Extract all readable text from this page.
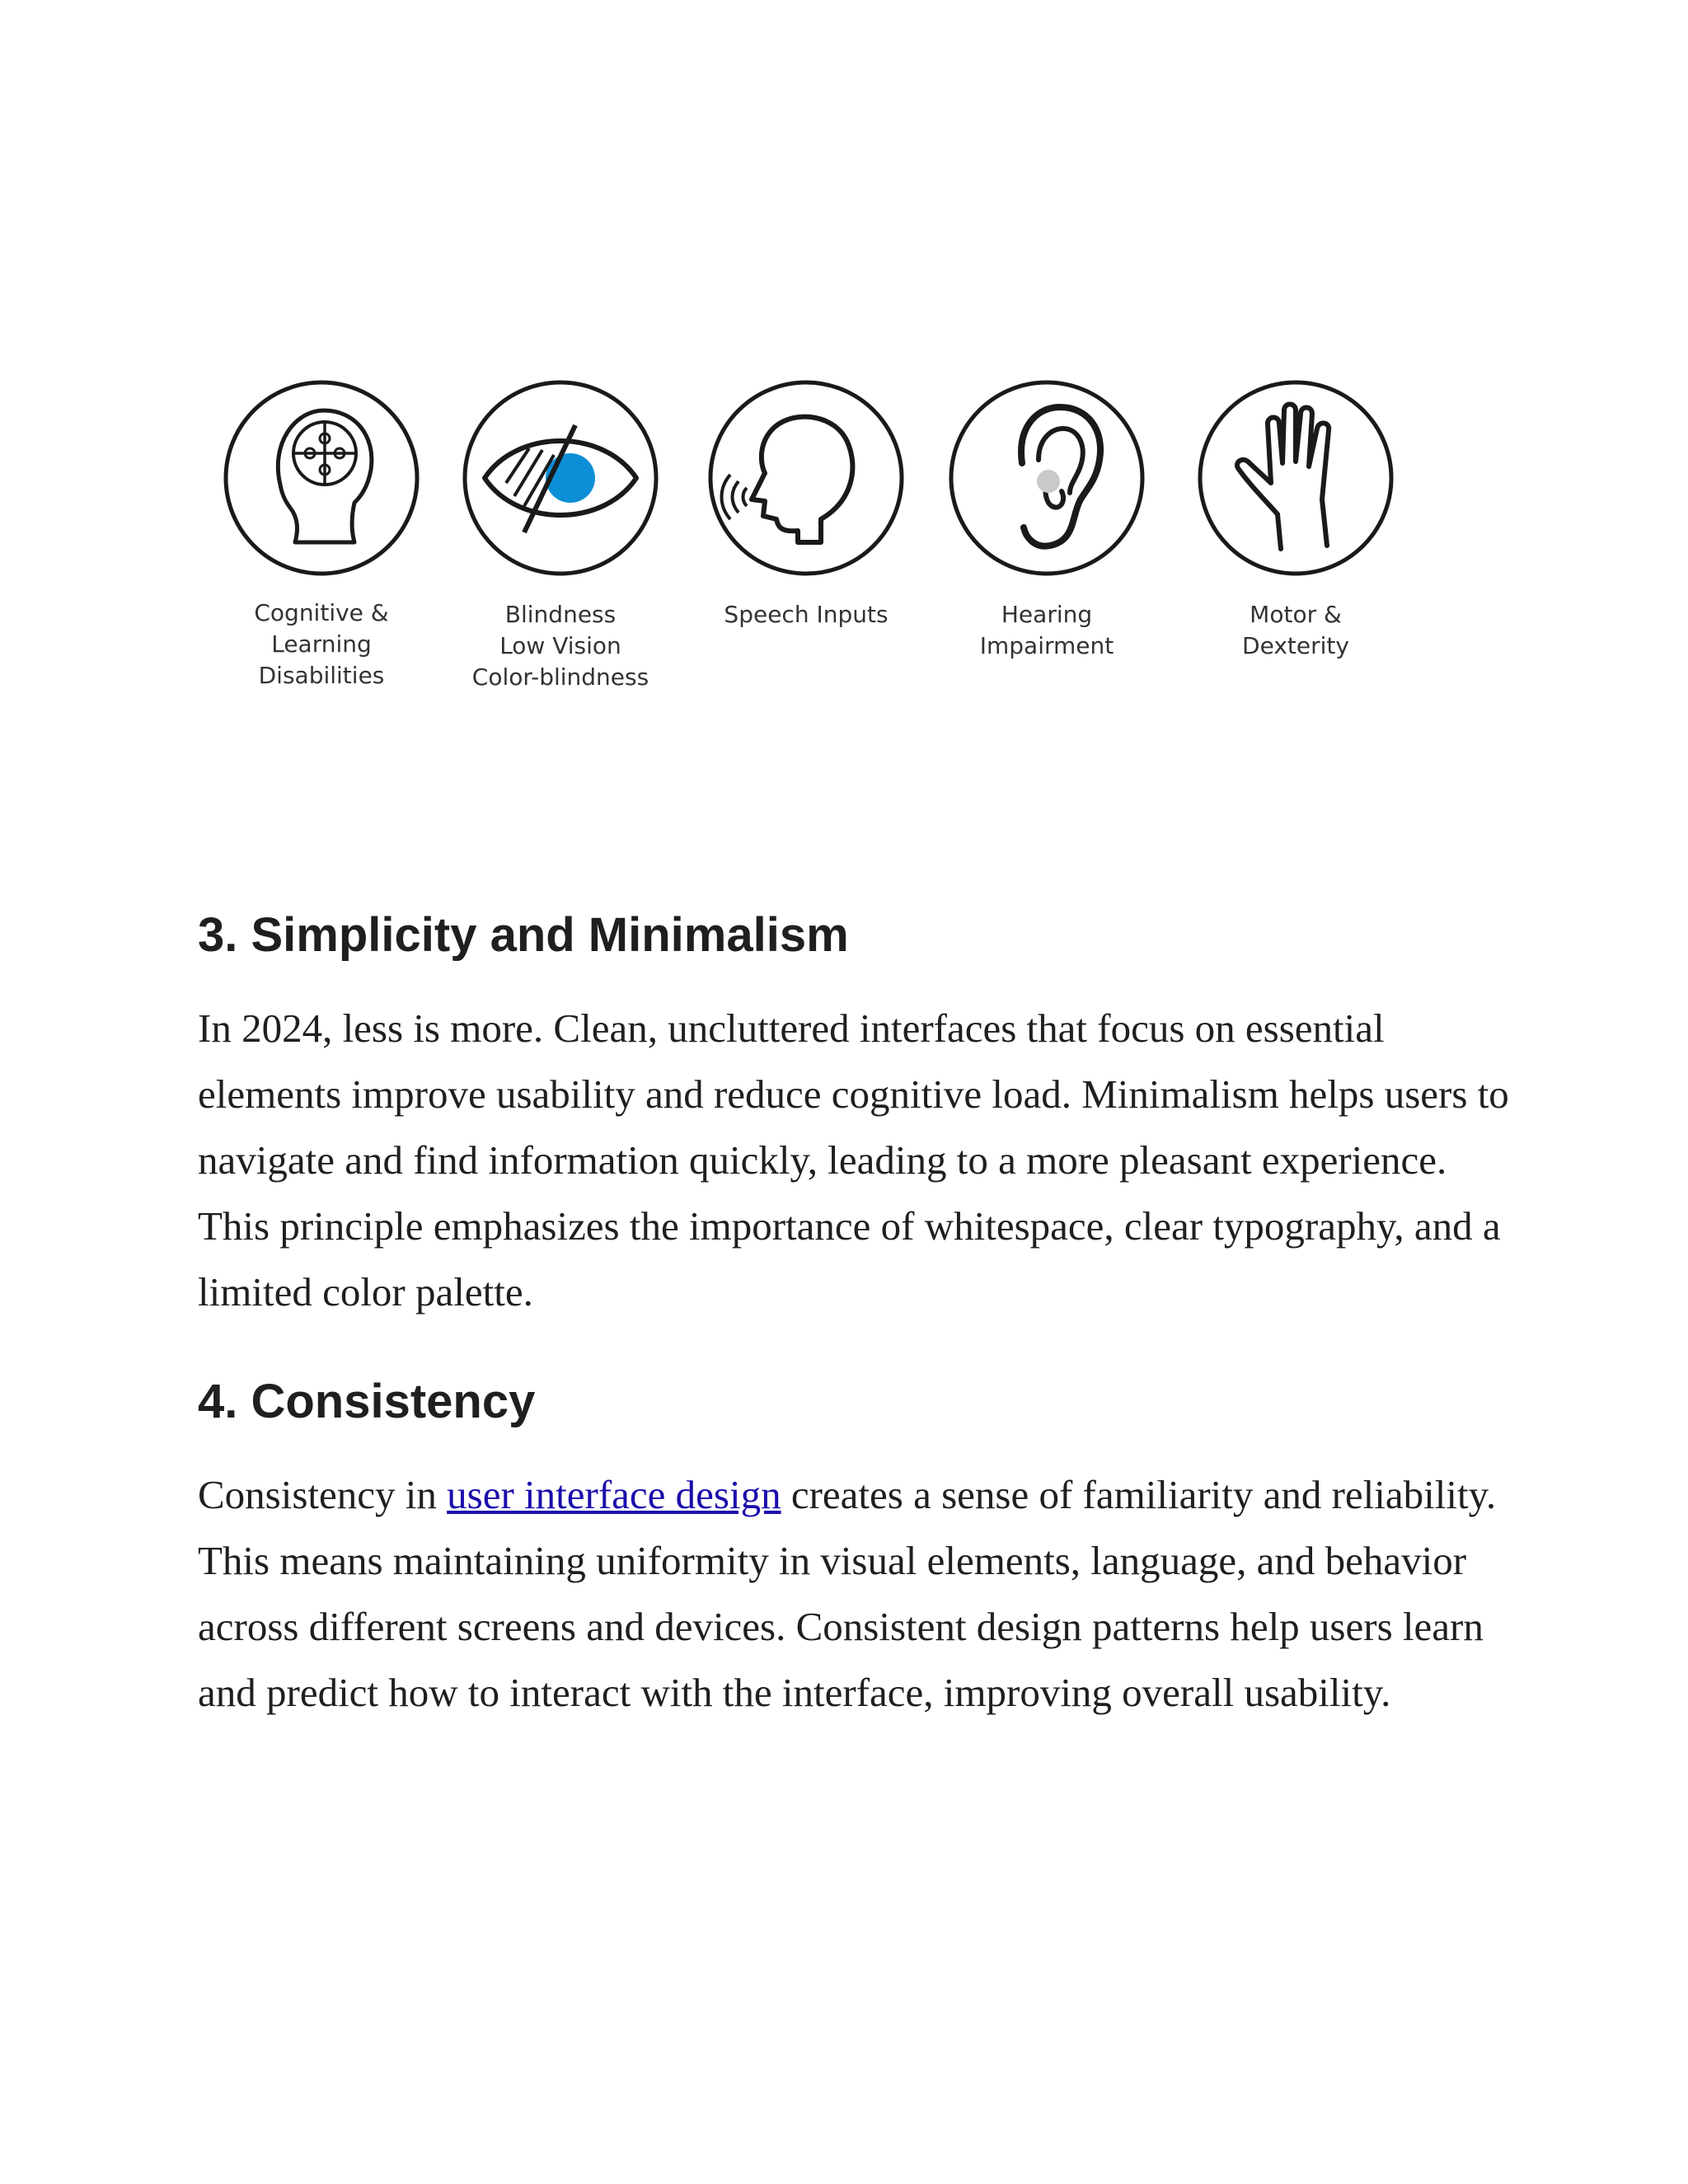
Cognitive &
Learning
Disabilities
Blindness
Low Vision
Color-blindness
Speech Inputs	Hearing
Impairment
Motor &
Dexterity
3. Simplicity and Minimalism

In 2024, less is more. Clean, uncluttered interfaces that focus on essential elements improve usability and reduce cognitive load. Minimalism helps users to navigate and find information quickly, leading to a more pleasant experience. This principle emphasizes the importance of whitespace, clear typography, and a limited color palette.

4. Consistency

Consistency in user interface design creates a sense of familiarity and reliability. This means maintaining uniformity in visual elements, language, and behavior across different screens and devices. Consistent design patterns help users learn and predict how to interact with the interface, improving overall usability.
